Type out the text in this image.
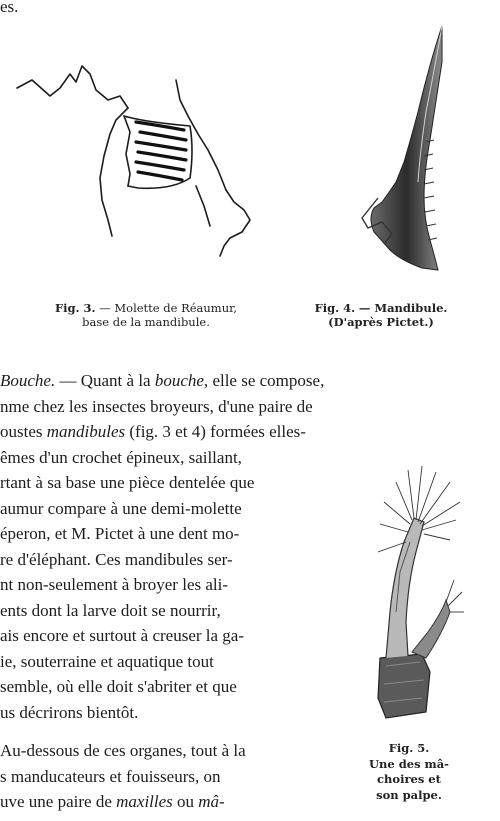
es.
Fig. 3. — Molette de Réaumur,
base de la mandibule.
Fig. 4. — Mandibule.
(D'après Pictet.)
Bouche. — Quant à la bouche, elle se compose,
nme chez les insectes broyeurs, d'une paire de
oustes mandibules (fig. 3 et 4) formées elles-
êmes d'un crochet épineux, saillant,
rtant à sa base une pièce dentelée que
aumur compare à une demi-molette
éperon, et M. Pictet à une dent mo-
re d'éléphant. Ces mandibules ser-
nt non-seulement à broyer les ali-
ents dont la larve doit se nourrir,
ais encore et surtout à creuser la ga-
ie, souterraine et aquatique tout
semble, où elle doit s'abriter et que
us décrirons bientôt.
Au-dessous de ces organes, tout à la
s manducateurs et fouisseurs, on
uve une paire de maxilles ou mâ-
Fig. 5.
Une des mâ-
choires et
son palpe.
